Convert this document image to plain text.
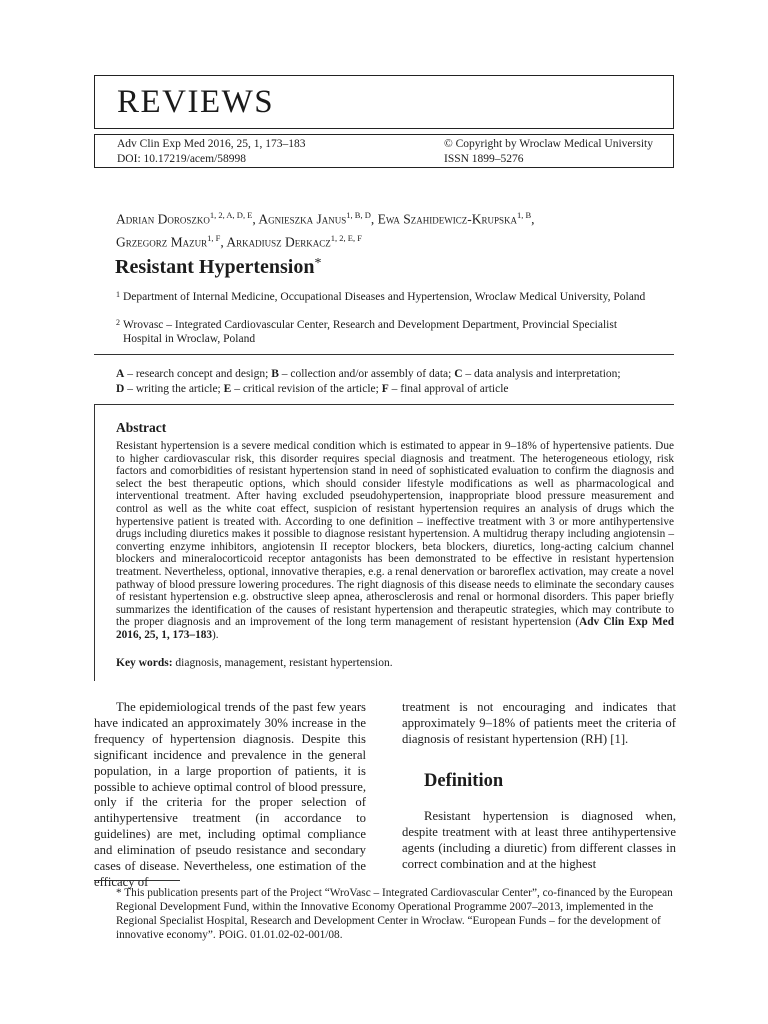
REVIEWS
Adv Clin Exp Med 2016, 25, 1, 173–183
DOI: 10.17219/acem/58998
© Copyright by Wroclaw Medical University
ISSN 1899–5276
Adrian Doroszko$^{1, 2, A, D, E}$, Agnieszka Janus$^{1, B, D}$, Ewa Szahidewicz-Krupska$^{1, B}$,
Grzegorz Mazur$^{1, F}$, Arkadiusz Derkacz$^{1, 2, E, F}$
Resistant Hypertension*
1 Department of Internal Medicine, Occupational Diseases and Hypertension, Wroclaw Medical University, Poland
2 Wrovasc – Integrated Cardiovascular Center, Research and Development Department, Provincial Specialist Hospital in Wroclaw, Poland
A – research concept and design; B – collection and/or assembly of data; C – data analysis and interpretation;
D – writing the article; E – critical revision of the article; F – final approval of article
Abstract
Resistant hypertension is a severe medical condition which is estimated to appear in 9–18% of hypertensive patients. Due to higher cardiovascular risk, this disorder requires special diagnosis and treatment. The heterogeneous etiology, risk factors and comorbidities of resistant hypertension stand in need of sophisticated evaluation to confirm the diagnosis and select the best therapeutic options, which should consider lifestyle modifications as well as pharmacological and interventional treatment. After having excluded pseudohypertension, inappropriate blood pressure measurement and control as well as the white coat effect, suspicion of resistant hypertension requires an analysis of drugs which the hypertensive patient is treated with. According to one definition – ineffective treatment with 3 or more antihypertensive drugs including diuretics makes it possible to diagnose resistant hypertension. A multidrug therapy including angiotensin – converting enzyme inhibitors, angiotensin II receptor blockers, beta blockers, diuretics, long-acting calcium channel blockers and mineralocorticoid receptor antagonists has been demonstrated to be effective in resistant hypertension treatment. Nevertheless, optional, innovative therapies, e.g. a renal denervation or baroreflex activation, may create a novel pathway of blood pressure lowering procedures. The right diagnosis of this disease needs to eliminate the secondary causes of resistant hypertension e.g. obstructive sleep apnea, atherosclerosis and renal or hormonal disorders. This paper briefly summarizes the identification of the causes of resistant hypertension and therapeutic strategies, which may contribute to the proper diagnosis and an improvement of the long term management of resistant hypertension (Adv Clin Exp Med 2016, 25, 1, 173–183).
Key words: diagnosis, management, resistant hypertension.
The epidemiological trends of the past few years have indicated an approximately 30% increase in the frequency of hypertension diagnosis. Despite this significant incidence and prevalence in the general population, in a large proportion of patients, it is possible to achieve optimal control of blood pressure, only if the criteria for the proper selection of antihypertensive treatment (in accordance to guidelines) are met, including optimal compliance and elimination of pseudo resistance and secondary cases of disease. Nevertheless, one estimation of the efficacy of
treatment is not encouraging and indicates that approximately 9–18% of patients meet the criteria of diagnosis of resistant hypertension (RH) [1].
Definition
Resistant hypertension is diagnosed when, despite treatment with at least three antihypertensive agents (including a diuretic) from different classes in correct combination and at the highest
* This publication presents part of the Project “WroVasc – Integrated Cardiovascular Center”, co-financed by the European Regional Development Fund, within the Innovative Economy Operational Programme 2007–2013, implemented in the Regional Specialist Hospital, Research and Development Center in Wrocław. “European Funds – for the development of innovative economy”. POiG. 01.01.02-02-001/08.
